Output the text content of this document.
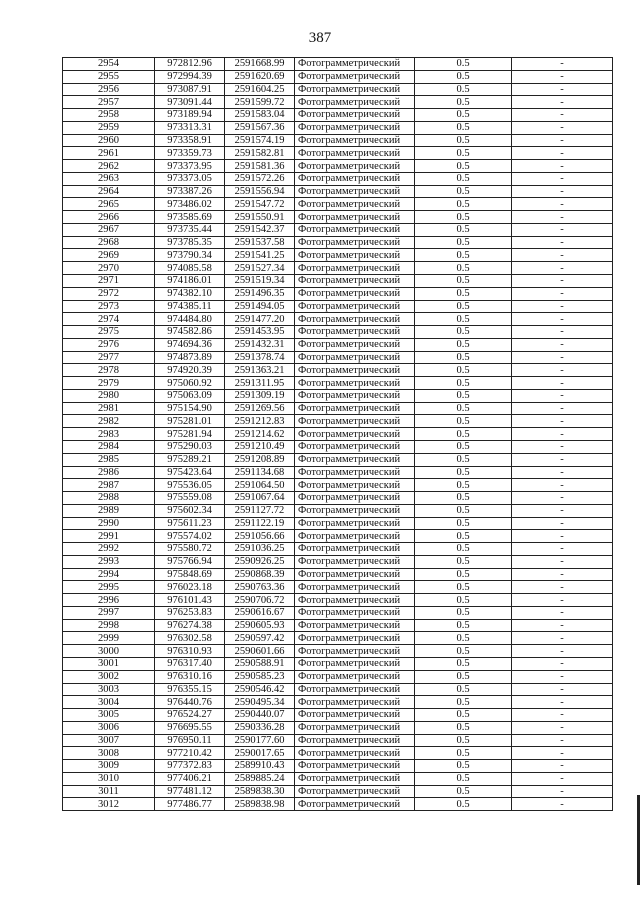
387
2954	972812.96	2591668.99	Фотограмметрический	0.5	-
2955	972994.39	2591620.69	Фотограмметрический	0.5	-
2956	973087.91	2591604.25	Фотограмметрический	0.5	-
2957	973091.44	2591599.72	Фотограмметрический	0.5	-
2958	973189.94	2591583.04	Фотограмметрический	0.5	-
2959	973313.31	2591567.36	Фотограмметрический	0.5	-
2960	973358.91	2591574.19	Фотограмметрический	0.5	-
2961	973359.73	2591582.81	Фотограмметрический	0.5	-
2962	973373.95	2591581.36	Фотограмметрический	0.5	-
2963	973373.05	2591572.26	Фотограмметрический	0.5	-
2964	973387.26	2591556.94	Фотограмметрический	0.5	-
2965	973486.02	2591547.72	Фотограмметрический	0.5	-
2966	973585.69	2591550.91	Фотограмметрический	0.5	-
2967	973735.44	2591542.37	Фотограмметрический	0.5	-
2968	973785.35	2591537.58	Фотограмметрический	0.5	-
2969	973790.34	2591541.25	Фотограмметрический	0.5	-
2970	974085.58	2591527.34	Фотограмметрический	0.5	-
2971	974186.01	2591519.34	Фотограмметрический	0.5	-
2972	974382.10	2591496.35	Фотограмметрический	0.5	-
2973	974385.11	2591494.05	Фотограмметрический	0.5	-
2974	974484.80	2591477.20	Фотограмметрический	0.5	-
2975	974582.86	2591453.95	Фотограмметрический	0.5	-
2976	974694.36	2591432.31	Фотограмметрический	0.5	-
2977	974873.89	2591378.74	Фотограмметрический	0.5	-
2978	974920.39	2591363.21	Фотограмметрический	0.5	-
2979	975060.92	2591311.95	Фотограмметрический	0.5	-
2980	975063.09	2591309.19	Фотограмметрический	0.5	-
2981	975154.90	2591269.56	Фотограмметрический	0.5	-
2982	975281.01	2591212.83	Фотограмметрический	0.5	-
2983	975281.94	2591214.62	Фотограмметрический	0.5	-
2984	975290.03	2591210.49	Фотограмметрический	0.5	-
2985	975289.21	2591208.89	Фотограмметрический	0.5	-
2986	975423.64	2591134.68	Фотограмметрический	0.5	-
2987	975536.05	2591064.50	Фотограмметрический	0.5	-
2988	975559.08	2591067.64	Фотограмметрический	0.5	-
2989	975602.34	2591127.72	Фотограмметрический	0.5	-
2990	975611.23	2591122.19	Фотограмметрический	0.5	-
2991	975574.02	2591056.66	Фотограмметрический	0.5	-
2992	975580.72	2591036.25	Фотограмметрический	0.5	-
2993	975766.94	2590926.25	Фотограмметрический	0.5	-
2994	975848.69	2590868.39	Фотограмметрический	0.5	-
2995	976023.18	2590763.36	Фотограмметрический	0.5	-
2996	976101.43	2590706.72	Фотограмметрический	0.5	-
2997	976253.83	2590616.67	Фотограмметрический	0.5	-
2998	976274.38	2590605.93	Фотограмметрический	0.5	-
2999	976302.58	2590597.42	Фотограмметрический	0.5	-
3000	976310.93	2590601.66	Фотограмметрический	0.5	-
3001	976317.40	2590588.91	Фотограмметрический	0.5	-
3002	976310.16	2590585.23	Фотограмметрический	0.5	-
3003	976355.15	2590546.42	Фотограмметрический	0.5	-
3004	976440.76	2590495.34	Фотограмметрический	0.5	-
3005	976524.27	2590440.07	Фотограмметрический	0.5	-
3006	976695.55	2590336.28	Фотограмметрический	0.5	-
3007	976950.11	2590177.60	Фотограмметрический	0.5	-
3008	977210.42	2590017.65	Фотограмметрический	0.5	-
3009	977372.83	2589910.43	Фотограмметрический	0.5	-
3010	977406.21	2589885.24	Фотограмметрический	0.5	-
3011	977481.12	2589838.30	Фотограмметрический	0.5	-
3012	977486.77	2589838.98	Фотограмметрический	0.5	-
